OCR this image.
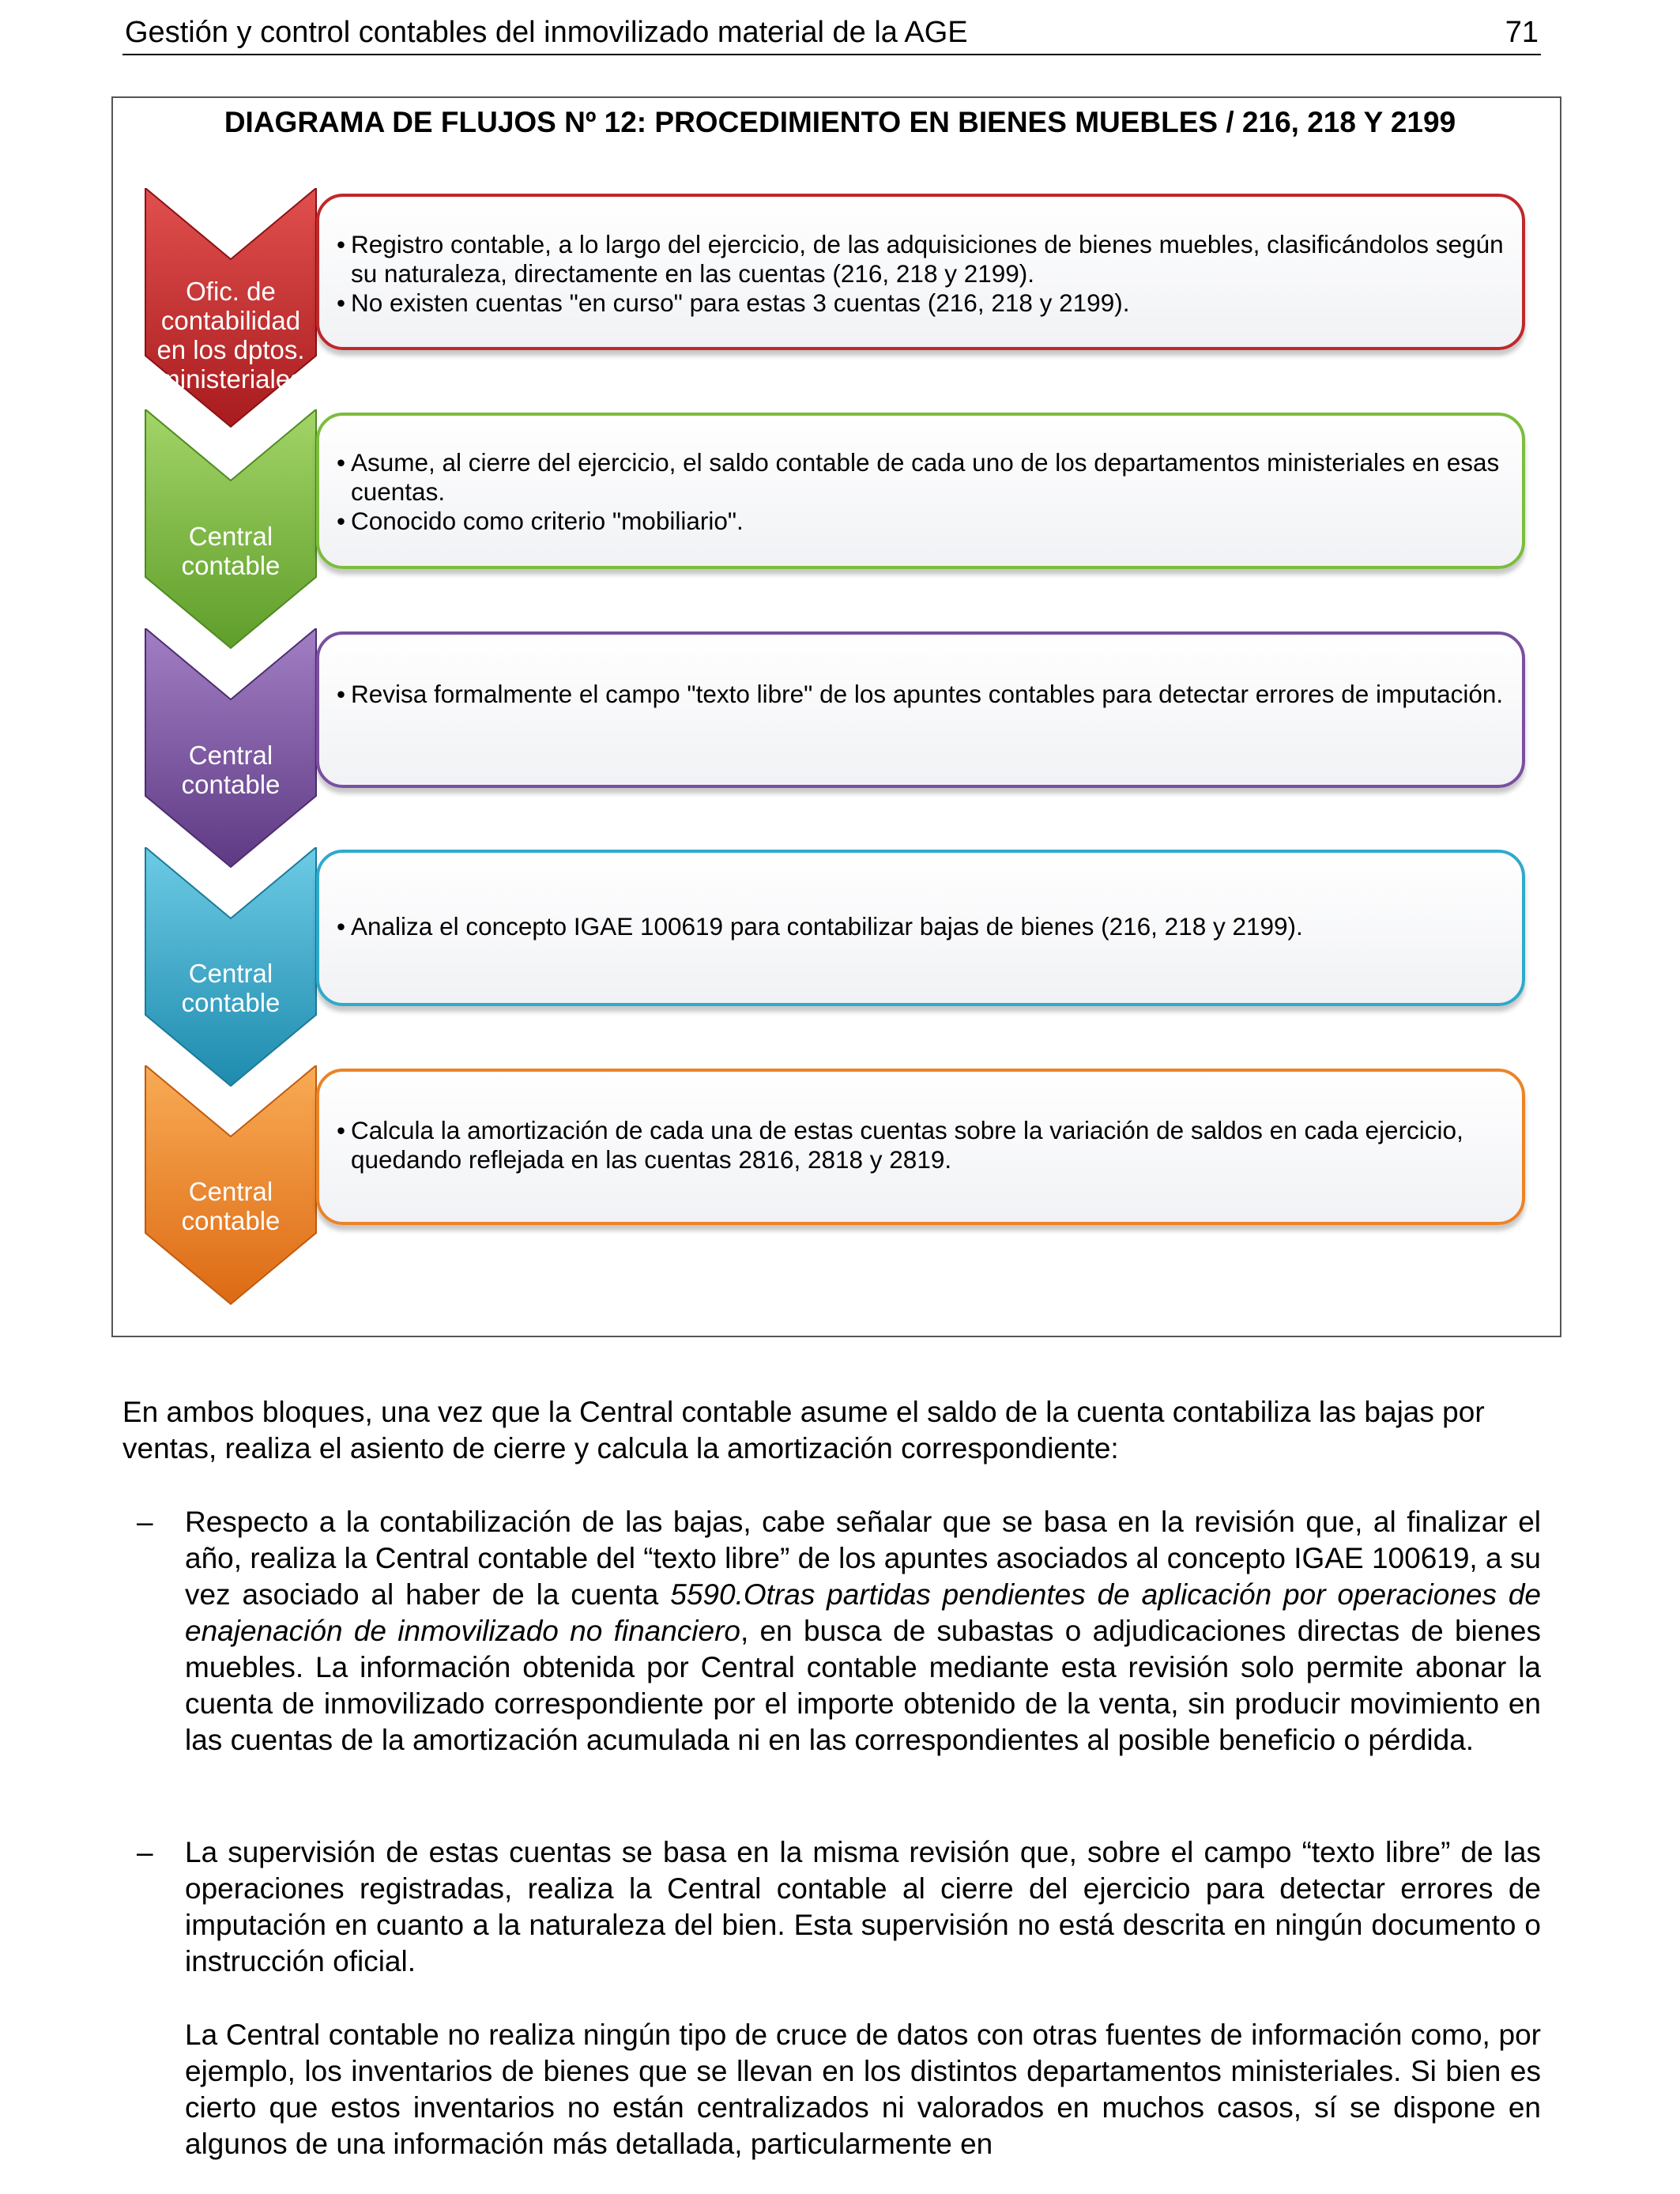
Gestión y control contables del inmovilizado material de la AGE	71
DIAGRAMA DE FLUJOS Nº 12: PROCEDIMIENTO EN BIENES MUEBLES / 216, 218 Y 2199
Ofic. de
contabilidad
en los dptos.
ministeriales
• Registro contable, a lo largo del ejercicio, de las adquisiciones de bienes muebles, clasificándolos según su naturaleza, directamente en las cuentas (216, 218 y 2199).
• No existen cuentas "en curso" para estas 3 cuentas (216, 218 y 2199).
Central
contable
• Asume, al cierre del ejercicio, el saldo contable de cada uno de los departamentos ministeriales en esas cuentas.
• Conocido como criterio "mobiliario".
Central
contable
• Revisa formalmente el campo "texto libre" de los apuntes contables para detectar errores de imputación.
Central
contable
• Analiza el concepto IGAE 100619 para contabilizar bajas de bienes (216, 218 y 2199).
Central
contable
• Calcula la amortización de cada una de estas cuentas sobre la variación de saldos en cada ejercicio, quedando reflejada en las cuentas 2816, 2818 y 2819.
En ambos bloques, una vez que la Central contable asume el saldo de la cuenta contabiliza las bajas por ventas, realiza el asiento de cierre y calcula la amortización correspondiente:
– Respecto a la contabilización de las bajas, cabe señalar que se basa en la revisión que, al finalizar el año, realiza la Central contable del “texto libre” de los apuntes asociados al concepto IGAE 100619, a su vez asociado al haber de la cuenta 5590.Otras partidas pendientes de aplicación por operaciones de enajenación de inmovilizado no financiero, en busca de subastas o adjudicaciones directas de bienes muebles. La información obtenida por Central contable mediante esta revisión solo permite abonar la cuenta de inmovilizado correspondiente por el importe obtenido de la venta, sin producir movimiento en las cuentas de la amortización acumulada ni en las correspondientes al posible beneficio o pérdida.
– La supervisión de estas cuentas se basa en la misma revisión que, sobre el campo “texto libre” de las operaciones registradas, realiza la Central contable al cierre del ejercicio para detectar errores de imputación en cuanto a la naturaleza del bien. Esta supervisión no está descrita en ningún documento o instrucción oficial.
La Central contable no realiza ningún tipo de cruce de datos con otras fuentes de información como, por ejemplo, los inventarios de bienes que se llevan en los distintos departamentos ministeriales. Si bien es cierto que estos inventarios no están centralizados ni valorados en muchos casos, sí se dispone en algunos de una información más detallada, particularmente en
